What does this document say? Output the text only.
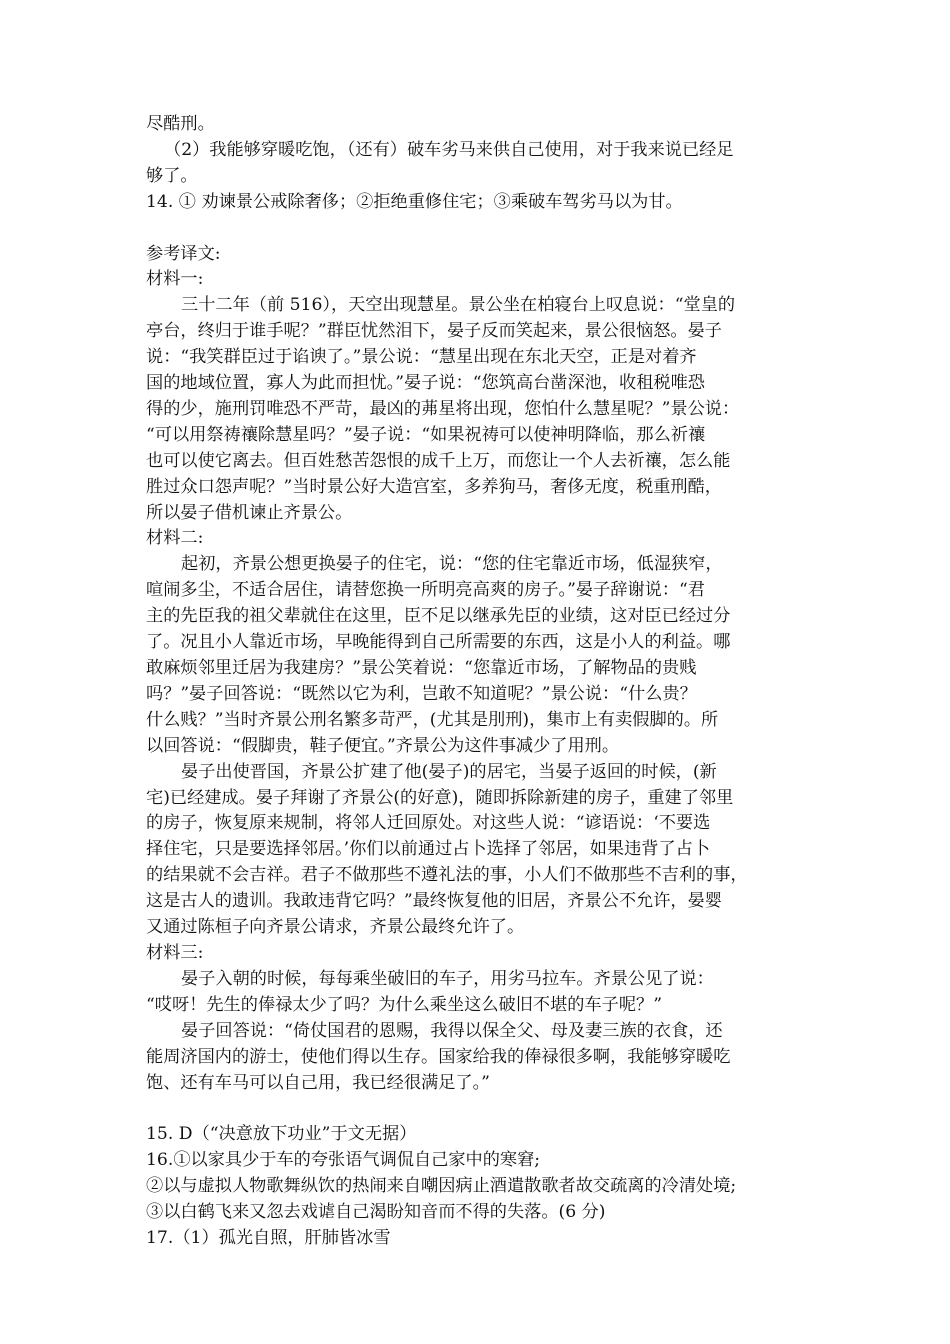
尽酷刑。
（2）我能够穿暖吃饱，（还有）破车劣马来供自己使用，对于我来说已经足
够了。
14. ① 劝谏景公戒除奢侈；②拒绝重修住宅；③乘破车驾劣马以为甘。
参考译文:
材料一:
三十二年（前 516），天空出现慧星。景公坐在柏寝台上叹息说：“堂皇的
亭台，终归于谁手呢？”群臣忧然泪下，晏子反而笑起来，景公很恼怒。晏子
说：“我笑群臣过于谄谀了。”景公说：“慧星出现在东北天空，正是对着齐
国的地域位置，寡人为此而担忧。”晏子说：“您筑高台凿深池，收租税唯恐
得的少，施刑罚唯恐不严苛，最凶的茀星将出现，您怕什么慧星呢？”景公说：
“可以用祭祷禳除慧星吗？”晏子说：“如果祝祷可以使神明降临，那么祈禳
也可以使它离去。但百姓愁苦怨恨的成千上万，而您让一个人去祈禳，怎么能
胜过众口怨声呢？”当时景公好大造宫室，多养狗马，奢侈无度，税重刑酷，
所以晏子借机谏止齐景公。
材料二:
起初，齐景公想更换晏子的住宅，说：“您的住宅靠近市场，低湿狭窄，
喧闹多尘，不适合居住，请替您换一所明亮高爽的房子。”晏子辞谢说：“君
主的先臣我的祖父辈就住在这里，臣不足以继承先臣的业绩，这对臣已经过分
了。况且小人靠近市场，早晚能得到自己所需要的东西，这是小人的利益。哪
敢麻烦邻里迁居为我建房？”景公笑着说：“您靠近市场，了解物品的贵贱
吗？”晏子回答说：“既然以它为利，岂敢不知道呢？”景公说：“什么贵？
什么贱？”当时齐景公刑名繁多苛严，(尤其是刖刑)，集市上有卖假脚的。所
以回答说：“假脚贵，鞋子便宜。”齐景公为这件事减少了用刑。
晏子出使晋国，齐景公扩建了他(晏子)的居宅，当晏子返回的时候，(新
宅)已经建成。晏子拜谢了齐景公(的好意)，随即拆除新建的房子，重建了邻里
的房子，恢复原来规制，将邻人迁回原处。对这些人说：“谚语说：‘不要选
择住宅，只是要选择邻居。’你们以前通过占卜选择了邻居，如果违背了占卜
的结果就不会吉祥。君子不做那些不遵礼法的事，小人们不做那些不吉利的事，
这是古人的遗训。我敢违背它吗？”最终恢复他的旧居，齐景公不允许，晏婴
又通过陈桓子向齐景公请求，齐景公最终允许了。
材料三:
晏子入朝的时候，每每乘坐破旧的车子，用劣马拉车。齐景公见了说：
“哎呀！先生的俸禄太少了吗？为什么乘坐这么破旧不堪的车子呢？”
晏子回答说：“倚仗国君的恩赐，我得以保全父、母及妻三族的衣食，还
能周济国内的游士，使他们得以生存。国家给我的俸禄很多啊，我能够穿暖吃
饱、还有车马可以自己用，我已经很满足了。”
15. D（“决意放下功业”于文无据）
16.①以家具少于车的夸张语气调侃自己家中的寒窘;
②以与虚拟人物歌舞纵饮的热闹来自嘲因病止酒遣散歌者故交疏离的冷清处境;
③以白鹤飞来又忽去戏谑自己渴盼知音而不得的失落。(6 分)
17.（1）孤光自照，肝肺皆冰雪
